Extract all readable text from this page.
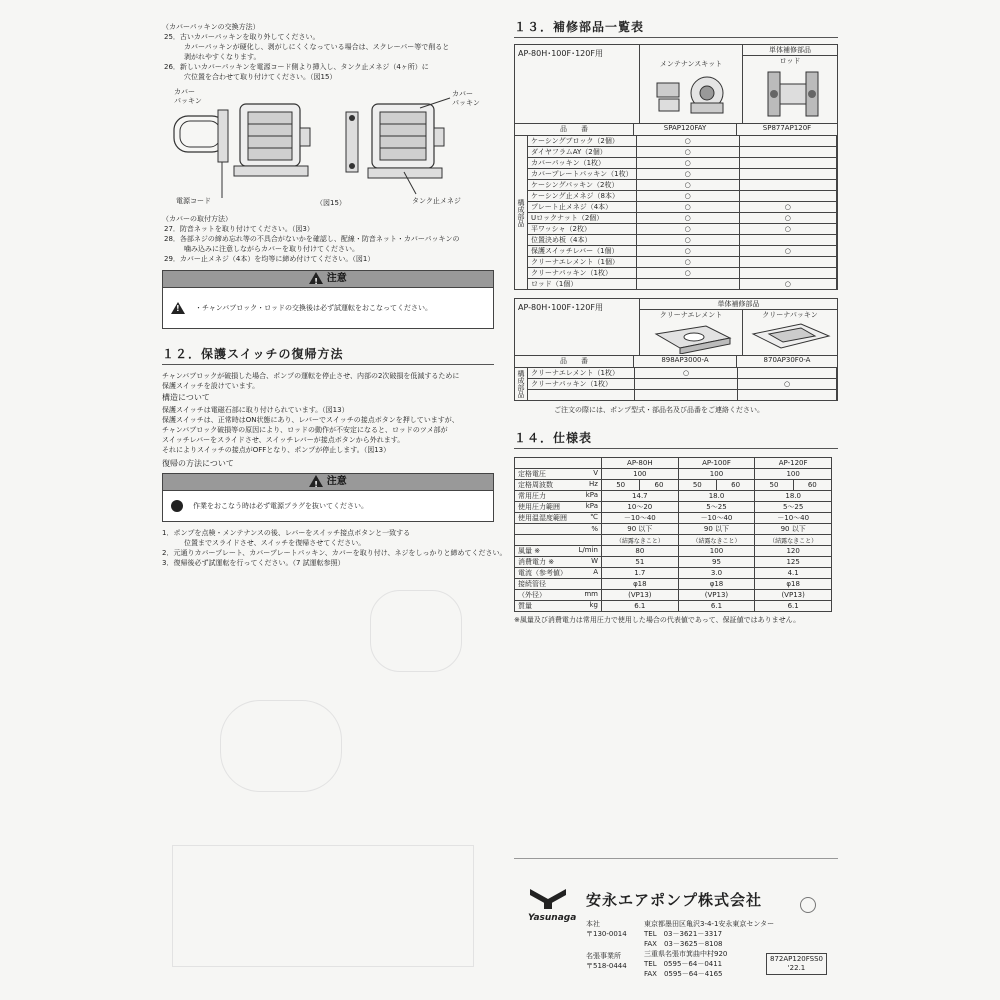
（カバーパッキンの交換方法）
25．古いカバーパッキンを取り外してください。
カバーパッキンが硬化し、剥がしにくくなっている場合は、スクレーパー等で削ると
剥がれやすくなります。
26．新しいカバーパッキンを電源コード側より挿入し、タンク止メネジ（4ヶ所）に
穴位置を合わせて取り付けてください。（図15）
カバー
パッキン
電源コード
カバー
パッキン
タンク止メネジ
（図15）
（カバーの取付方法）
27．防音ネットを取り付けてください。（図3）
28．各部ネジの締め忘れ等の不具合がないかを確認し、配線・防音ネット・カバーパッキンの
噛み込みに注意しながらカバーを取り付けてください。
29．カバー止メネジ（4本）を均等に締め付けてください。（図1）
! 注意
!
・チャンバブロック・ロッドの交換後は必ず試運転をおこなってください。
１２．保護スイッチの復帰方法
チャンバブロックが破損した場合、ポンプの運転を停止させ、内部の2次破損を低減するために
保護スイッチを設けています。
構造について
保護スイッチは電磁石部に取り付けられています。（図13）
保護スイッチは、正常時はON状態にあり、レバーでスイッチの接点ボタンを押していますが、
チャンバブロック破損等の原因により、ロッドの動作が不安定になると、ロッドのツメ部が
スイッチレバーをスライドさせ、スイッチレバーが接点ボタンから外れます。
それによりスイッチの接点がOFFとなり、ポンプが停止します。（図13）
復帰の方法について
! 注意
作業をおこなう時は必ず電源プラグを抜いてください。
1．ポンプを点検・メンテナンスの後、レバーをスイッチ接点ボタンと一致する
位置までスライドさせ、スイッチを復帰させてください。
2．元通りカバープレート、カバープレートパッキン、カバーを取り付け、ネジをしっかりと締めてください。
3．復帰後必ず試運転を行ってください。（7 試運転参照）
１３．補修部品一覧表
AP-80H･100F･120F用
メンテナンスキット
単体補修部品
ロッド
品　　番	SPAP120FAY	SP877AP120F
構成部品
ケーシングブロック（2個）	○	
ダイヤフラムAY（2個）	○	
カバーパッキン（1枚）	○	
カバープレートパッキン（1枚）	○	
ケーシングパッキン（2枚）	○	
ケーシング止メネジ（8本）	○	
プレート止メネジ（4本）	○	○
Uロックナット（2個）	○	○
平ワッシャ（2枚）	○	○
位置決め板（4本）	○	
保護スイッチレバー（1個）	○	○
クリーナエレメント（1個）	○	
クリーナパッキン（1枚）	○	
ロッド（1個）		○
AP-80H･100F･120F用	単体補修部品
クリーナエレメント	クリーナパッキン
品　　番	898AP3000-A	870AP30F0-A
構成部品 クリーナエレメント（1枚）	○	
クリーナパッキン（1枚）		○

ご注文の際には、ポンプ型式・部品名及び品番をご連絡ください。
１４．仕様表
	AP-80H		AP-100F		AP-120F	
定格電圧 V	100		100		100	
定格周波数 Hz	50	60	50	60	50	60
常用圧力 kPa	14.7		18.0		18.0	
使用圧力範囲 kPa	10～20		5～25		5～25	
使用温湿度範囲 ℃	－10～40		－10～40		－10～40	

%	90 以下		90 以下		90 以下	

	（結露なきこと）		（結露なきこと）		（結露なきこと）	
風量 ※ L/min	80		100		120	
消費電力 ※ W	51		95		125	
電流（参考値） A	1.7		3.0		4.1	
接続管径	φ18		φ18		φ18	
（外径） mm	(VP13)		(VP13)		(VP13)	
質量 kg	6.1		6.1		6.1	
※風量及び消費電力は常用圧力で使用した場合の代表値であって、保証値ではありません。
Yasunaga
安永エアポンプ株式会社
本社
〒130-0014
東京都墨田区亀沢3-4-1安永東京センター
TEL　03－3621－3317
FAX　03－3625－8108
名張事業所
〒518-0444
三重県名張市箕曲中村920
TEL　0595－64－0411
FAX　0595－64－4165
872AP120FSS0
'22.1
